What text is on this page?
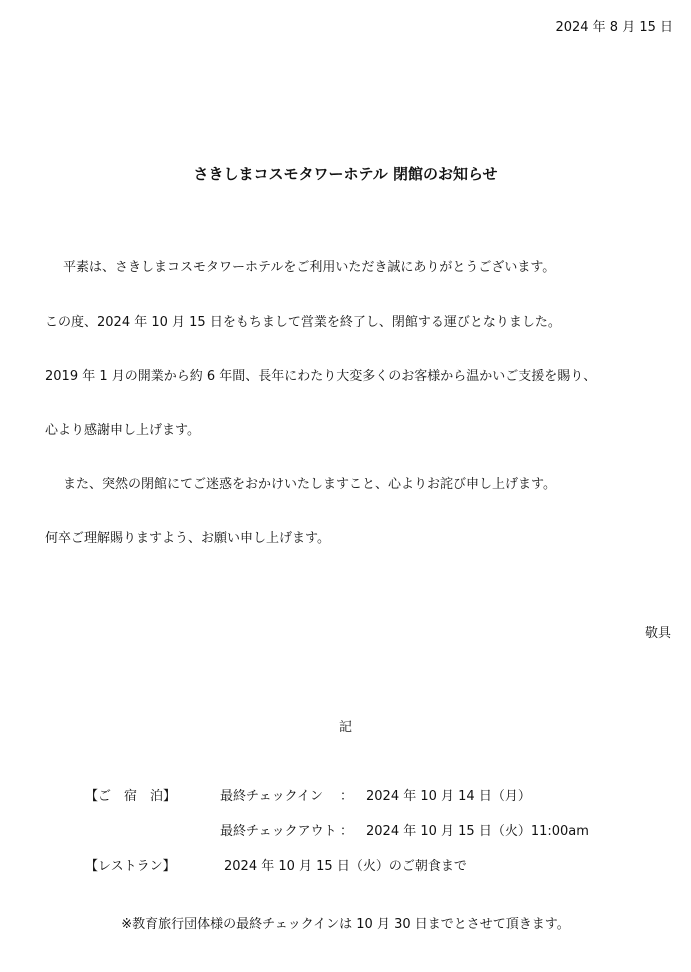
2024 年 8 月 15 日
さきしまコスモタワーホテル 閉館のお知らせ
平素は、さきしまコスモタワーホテルをご利用いただき誠にありがとうございます。
この度、2024 年 10 月 15 日をもちまして営業を終了し、閉館する運びとなりました。
2019 年 1 月の開業から約 6 年間、長年にわたり大変多くのお客様から温かいご支援を賜り、
心より感謝申し上げます。
また、突然の閉館にてご迷惑をおかけいたしますこと、心よりお詫び申し上げます。
何卒ご理解賜りますよう、お願い申し上げます。
敬具
記
【ご　宿　泊】	最終チェックイン ： 2024 年 10 月 14 日（月）
最終チェックアウト ： 2024 年 10 月 15 日（火）11:00am
【レストラン】	2024 年 10 月 15 日（火）のご朝食まで
※教育旅行団体様の最終チェックインは 10 月 30 日までとさせて頂きます。
